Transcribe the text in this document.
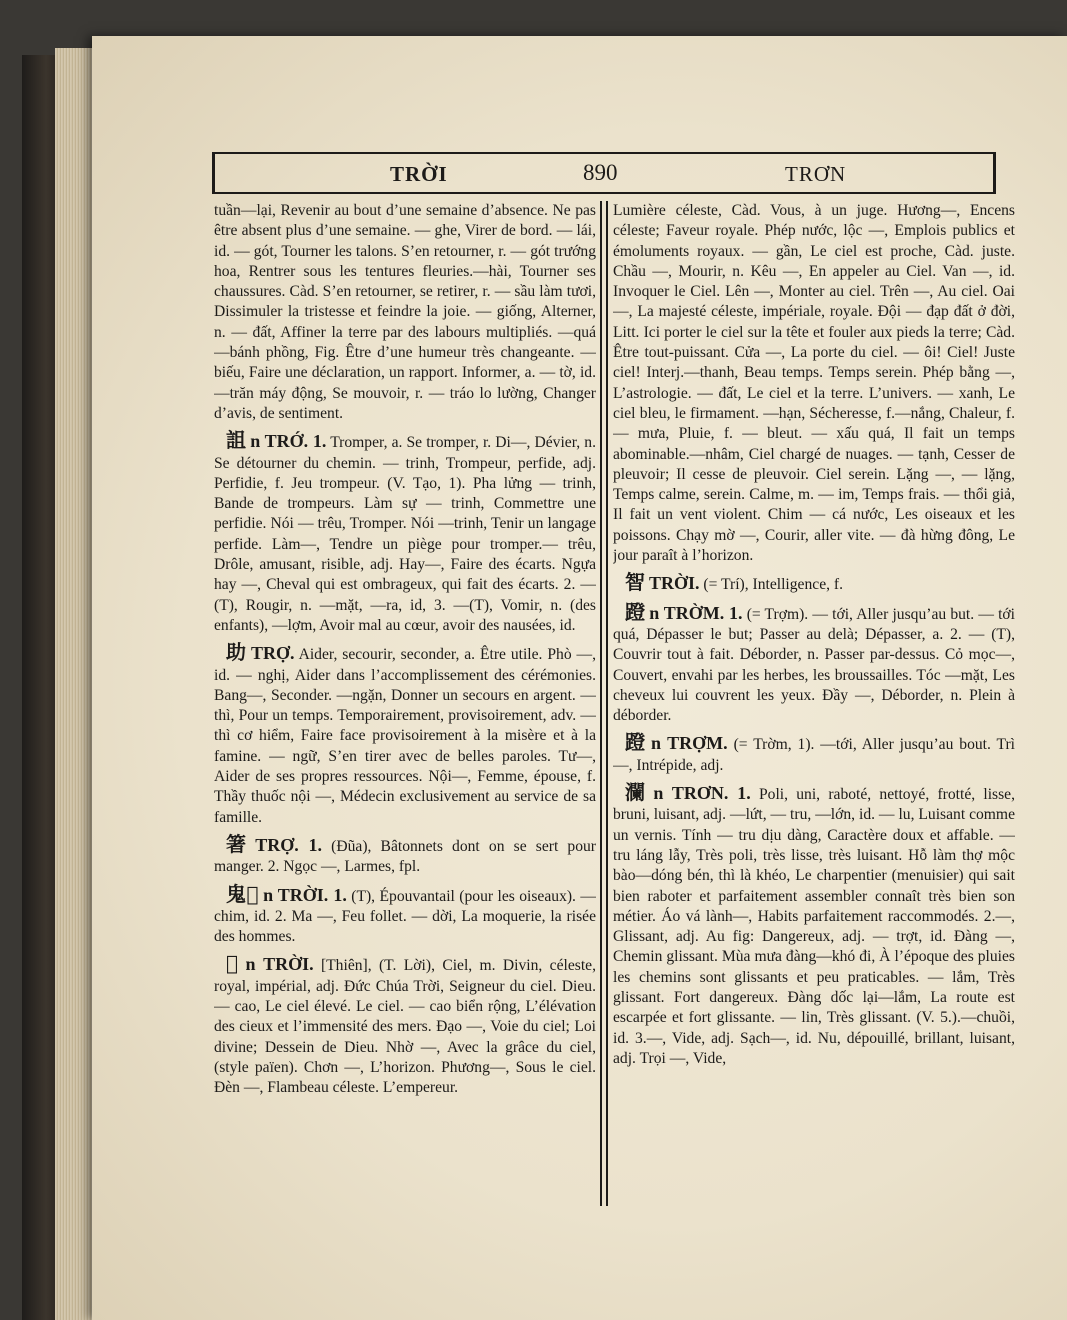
TRỜI	890	TRƠN

tuần—lại, Revenir au bout d’une semaine d’absence. Ne pas être absent plus d’une semaine. — ghe, Virer de bord. — lái, id. — gót, Tourner les talons. S’en retourner, r. — gót trướng hoa, Rentrer sous les tentures fleuries.—hài, Tourner ses chaussures. Càd. S’en retourner, se retirer, r. — sầu làm tươi, Dissimuler la tristesse et feindre la joie. — giống, Alterner, n. — đất, Affiner la terre par des labours multipliés. —quá —bánh phồng, Fig. Être d’une humeur très changeante. —biếu, Faire une déclaration, un rapport. Informer, a. — tờ, id. —trăn máy động, Se mouvoir, r. — tráo lo lường, Changer d’avis, de sentiment.

詛 n TRỚ. 1. Tromper, a. Se tromper, r. Di—, Dévier, n. Se détourner du chemin. — trinh, Trompeur, perfide, adj. Perfidie, f. Jeu trompeur. (V. Tạo, 1). Pha lửng — trinh, Bande de trompeurs. Làm sự — trinh, Commettre une perfidie. Nói — trêu, Tromper. Nói —trinh, Tenir un langage perfide. Làm—, Tendre un piège pour tromper.— trêu, Drôle, amusant, risible, adj. Hay—, Faire des écarts. Ngựa hay —, Cheval qui est ombrageux, qui fait des écarts. 2. —(T), Rougir, n. —mặt, —ra, id, 3. —(T), Vomir, n. (des enfants), —lợm, Avoir mal au cœur, avoir des nausées, id.

助 TRỢ. Aider, secourir, seconder, a. Être utile. Phò —, id. — nghị, Aider dans l’accomplissement des cérémonies. Bang—, Seconder. —ngặn, Donner un secours en argent. —thì, Pour un temps. Temporairement, provisoirement, adv. — thì cơ hiểm, Faire face provisoirement à la misère et à la famine. — ngữ, S’en tirer avec de belles paroles. Tư—, Aider de ses propres ressources. Nội—, Femme, épouse, f. Thầy thuốc nội —, Médecin exclusivement au service de sa famille.

箸 TRỢ. 1. (Đũa), Bâtonnets dont on se sert pour manger. 2. Ngọc —, Larmes, fpl.

鬼𡗶 n TRỜI. 1. (T), Épouvantail (pour les oiseaux). — chim, id. 2. Ma —, Feu follet. — dời, La moquerie, la risée des hommes.

𡗶 n TRỜI. [Thiên], (T. Lời), Ciel, m. Divin, céleste, royal, impérial, adj. Đức Chúa Trời, Seigneur du ciel. Dieu. — cao, Le ciel élevé. Le ciel. — cao biển rộng, L’élévation des cieux et l’immensité des mers. Đạo —, Voie du ciel; Loi divine; Dessein de Dieu. Nhờ —, Avec la grâce du ciel, (style païen). Chơn —, L’horizon. Phương—, Sous le ciel. Đèn —, Flambeau céleste. L’empereur.

Lumière céleste, Càd. Vous, à un juge. Hương—, Encens céleste; Faveur royale. Phép nước, lộc —, Emplois publics et émoluments royaux. — gần, Le ciel est proche, Càd. juste. Chầu —, Mourir, n. Kêu —, En appeler au Ciel. Van —, id. Invoquer le Ciel. Lên —, Monter au ciel. Trên —, Au ciel. Oai—, La majesté céleste, impériale, royale. Đội — đạp đất ở đời, Litt. Ici porter le ciel sur la tête et fouler aux pieds la terre; Càd. Être tout-puissant. Cửa —, La porte du ciel. — ôi! Ciel! Juste ciel! Interj.—thanh, Beau temps. Temps serein. Phép bằng —, L’astrologie. — đất, Le ciel et la terre. L’univers. — xanh, Le ciel bleu, le firmament. —hạn, Sécheresse, f.—nắng, Chaleur, f. — mưa, Pluie, f. — bleut. — xấu quá, Il fait un temps abominable.—nhâm, Ciel chargé de nuages. — tạnh, Cesser de pleuvoir; Il cesse de pleuvoir. Ciel serein. Lặng —, — lặng, Temps calme, serein. Calme, m. — im, Temps frais. — thổi giả, Il fait un vent violent. Chim — cá nước, Les oiseaux et les poissons. Chạy mờ —, Courir, aller vite. — đà hừng đông, Le jour paraît à l’horizon.

智 TRỜI. (= Trí), Intelligence, f.

蹬 n TRỜM. 1. (= Trợm). — tới, Aller jusqu’au but. — tới quá, Dépasser le but; Passer au delà; Dépasser, a. 2. — (T), Couvrir tout à fait. Déborder, n. Passer par-dessus. Cỏ mọc—, Couvert, envahi par les herbes, les broussailles. Tóc —mặt, Les cheveux lui couvrent les yeux. Đầy —, Déborder, n. Plein à déborder.

蹬 n TRỢM. (= Trờm, 1). —tới, Aller jusqu’au bout. Trì —, Intrépide, adj.

瀾 n TRƠN. 1. Poli, uni, raboté, nettoyé, frotté, lisse, bruni, luisant, adj. —lứt, — tru, —lớn, id. — lu, Luisant comme un vernis. Tính — tru dịu dàng, Caractère doux et affable. — tru láng lẫy, Très poli, très lisse, très luisant. Hỗ làm thợ mộc bào—dóng bén, thì là khéo, Le charpentier (menuisier) qui sait bien raboter et parfaitement assembler connaît très bien son métier. Áo vá lành—, Habits parfaitement raccommodés. 2.—, Glissant, adj. Au fig: Dangereux, adj. — trợt, id. Đàng —, Chemin glissant. Mùa mưa đàng—khó đi, À l’époque des pluies les chemins sont glissants et peu praticables. — lắm, Très glissant. Fort dangereux. Đàng dốc lại—lắm, La route est escarpée et fort glissante. — lin, Très glissant. (V. 5.).—chuồi, id. 3.—, Vide, adj. Sạch—, id. Nu, dépouillé, brillant, luisant, adj. Trọi —, Vide,
